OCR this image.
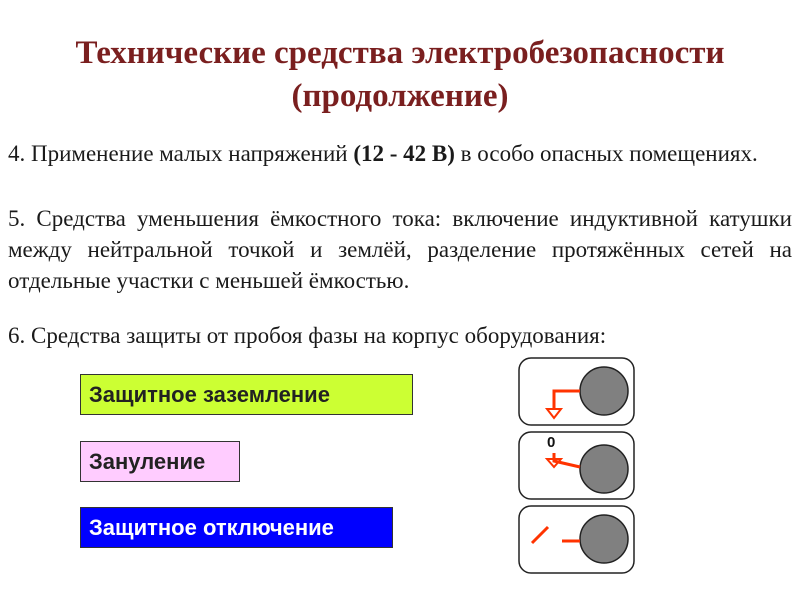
Технические средства электробезопасности
(продолжение)
4. Применение малых напряжений (12 - 42 В) в особо опасных помещениях.
5. Средства уменьшения ёмкостного тока: включение индуктивной катушки между нейтральной точкой и землёй, разделение протяжённых сетей на отдельные участки с меньшей ёмкостью.
6. Средства защиты от пробоя фазы на корпус оборудования:
Защитное заземление
Зануление
Защитное отключение
0
